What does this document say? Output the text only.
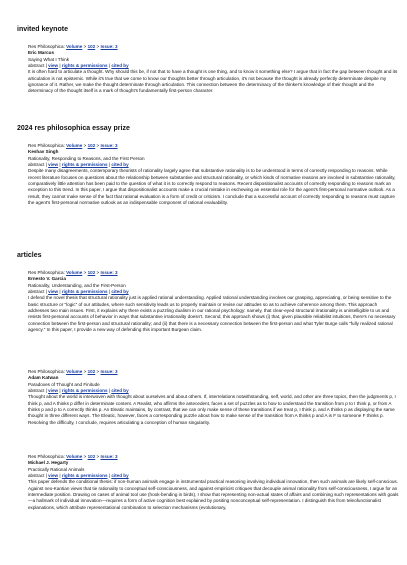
invited keynote
Res Philosophica: Volume > 102 > Issue: 3
Eric Marcus
Saying What I Think
abstract | view | rights & permissions | cited by
It is often hard to articulate a thought. Why should this be, if not that to have a thought is one thing, and to know it something else? I argue that in fact the gap between thought and its articulation is not epistemic. While it's true that we come to know our thoughts better through articulation, it's not because the thought is already perfectly determinate despite my ignorance of it. Rather, we make the thought determinate through articulation. This connection between the determinacy of the thinker's knowledge of their thought and the determinacy of the thought itself is a mark of thought's fundamentally first-person character.
2024 res philosophica essay prize
Res Philosophica: Volume > 102 > Issue: 3
Keshav Singh
Rationality, Responding to Reasons, and the First Person
abstract | view | rights & permissions | cited by
Despite many disagreements, contemporary theorists of rationality largely agree that substantive rationality is to be understood in terms of correctly responding to reasons. While recent literature focuses on questions about the relationship between substantive and structural rationality, or which kinds of normative reasons are involved in substantive rationality, comparatively little attention has been paid to the question of what it is to correctly respond to reasons. Recent dispositionalist accounts of correctly responding to reasons mark an exception to this trend. In this paper, I argue that dispositionalist accounts make a crucial mistake in eschewing an essential role for the agent's first-personal normative outlook. As a result, they cannot make sense of the fact that rational evaluation is a form of credit or criticism. I conclude that a successful account of correctly responding to reasons must capture the agent's first-personal normative outlook as an indispensable component of rational evaluability.
articles
Res Philosophica: Volume > 102 > Issue: 3
Ernesto V. Garcia
Rationality, Understanding, and the First-Person
abstract | view | rights & permissions | cited by
I defend the novel thesis that structural rationality just is applied rational understanding. Applied rational understanding involves our grasping, appreciating, or being sensitive to the basic structure or "logic" of our attitudes, where such sensitivity leads us to properly maintain or revise our attitudes so as to achieve coherence among them. This approach addresses two main issues. First, it explains why there exists a puzzling dualism in our rational psychology: namely, that clear-eyed structural irrationality is unintelligible to us and resists first-personal accounts of behavior in ways that substantive irrationality doesn't. Second, this approach shows (i) that, given plausible reliabilist intuitions, there's no necessary connection between the first-person and structural rationality; and (ii) that there is a necessary connection between the first-person and what Tyler Burge calls "fully realized rational agency." In this paper, I provide a new way of defending this important Burgean claim.
Res Philosophica: Volume > 102 > Issue: 3
Adam Katwan
Paradoxes of Thought and Finitude
abstract | view | rights & permissions | cited by
Thought about the world is interwoven with thought about ourselves and about others. If, interrelations notwithstanding, self, world, and other are three topics, then the judgments p, I think p, and A thinks p differ in determinate content. A Realist, who affirms the antecedent, faces a set of puzzles as to how to understand the transition from p to I think p, or from A thinks p and p to A correctly thinks p. An Eleatic maintains, by contrast, that we can only make sense of these transitions if we treat p, I think p, and A thinks p as displaying the same thought in three different ways. The Eleatic, however, faces a corresponding puzzle about how to make sense of the transition from A thinks p and A is F to someone F thinks p. Resolving the difficulty, I conclude, requires articulating a conception of human singularity.
Res Philosophica: Volume > 102 > Issue: 3
Michael J. Hegarty
Practically Rational Animals
abstract | view | rights & permissions | cited by
This paper defends the conditional thesis: if non-human animals engage in instrumental practical reasoning involving individual innovation, then such animals are likely self-conscious. Against neo-Kantian views that tie rationality to conceptual self-consciousness, and against empiricist critiques that decouple animal rationality from self-consciousness, I argue for an intermediate position. Drawing on cases of animal tool use (hook-bending in birds), I show that representing non-actual states of affairs and combining such representations with goals —a hallmark of individual innovation—requires a form of active cognition best explained by positing nonconceptual self-representation. I distinguish this from teleofunctionalist explanations, which attribute representational combination to selection mechanisms (evolutionary,
